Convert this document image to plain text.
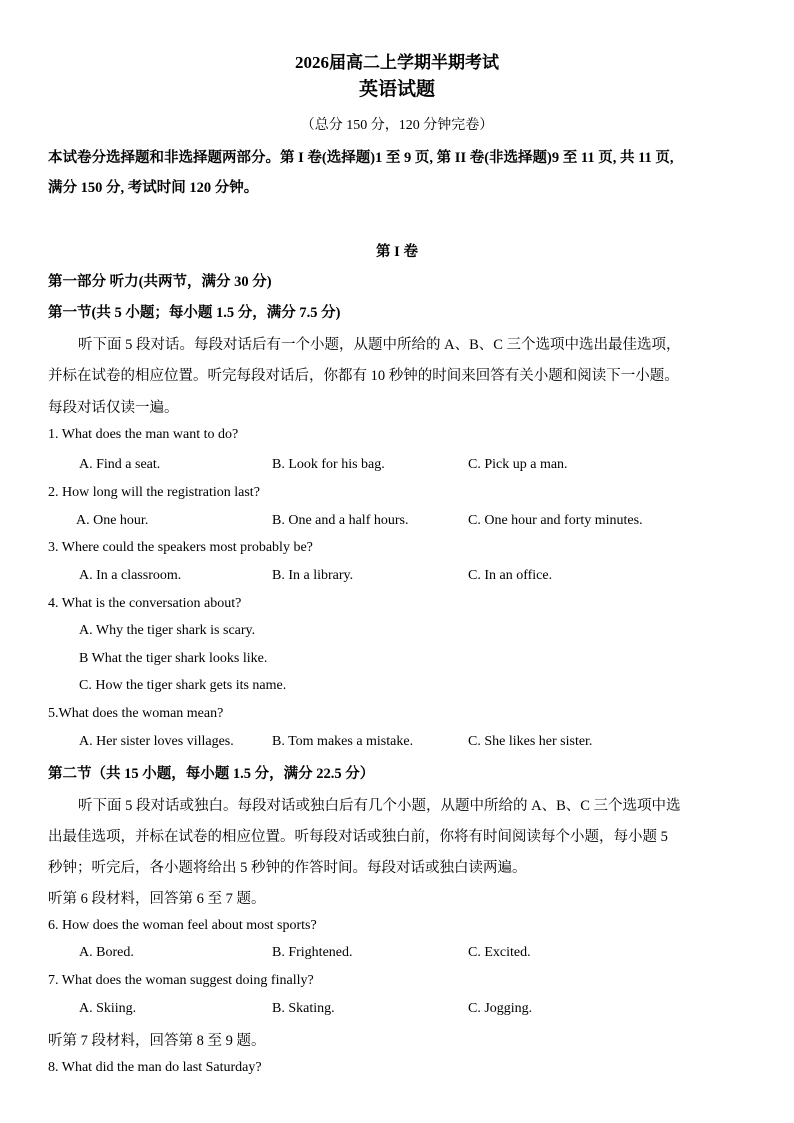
2026届高二上学期半期考试
英语试题
（总分 150 分，120 分钟完卷）
本试卷分选择题和非选择题两部分。第 I 卷(选择题)1 至 9 页, 第 II 卷(非选择题)9 至 11 页, 共 11 页,
满分 150 分, 考试时间 120 分钟。
第 I 卷
第一部分 听力(共两节，满分 30 分)
第一节(共 5 小题；每小题 1.5 分，满分 7.5 分)
听下面 5 段对话。每段对话后有一个小题，从题中所给的 A、B、C 三个选项中选出最佳选项，
并标在试卷的相应位置。听完每段对话后，你都有 10 秒钟的时间来回答有关小题和阅读下一小题。
每段对话仅读一遍。
1. What does the man want to do?
A. Find a seat.	B. Look for his bag.	C. Pick up a man.
2. How long will the registration last?
A. One hour.	B. One and a half hours.	C. One hour and forty minutes.
3. Where could the speakers most probably be?
A. In a classroom.	B. In a library.	C. In an office.
4. What is the conversation about?
A. Why the tiger shark is scary.
B What the tiger shark looks like.
C. How the tiger shark gets its name.
5.What does the woman mean?
A. Her sister loves villages.	B. Tom makes a mistake.	C. She likes her sister.
第二节（共 15 小题，每小题 1.5 分，满分 22.5 分）
听下面 5 段对话或独白。每段对话或独白后有几个小题，从题中所给的 A、B、C 三个选项中选
出最佳选项，并标在试卷的相应位置。听每段对话或独白前，你将有时间阅读每个小题，每小题 5
秒钟；听完后，各小题将给出 5 秒钟的作答时间。每段对话或独白读两遍。
听第 6 段材料，回答第 6 至 7 题。
6. How does the woman feel about most sports?
A. Bored.	B. Frightened.	C. Excited.
7. What does the woman suggest doing finally?
A. Skiing.	B. Skating.	C. Jogging.
听第 7 段材料，回答第 8 至 9 题。
8. What did the man do last Saturday?
